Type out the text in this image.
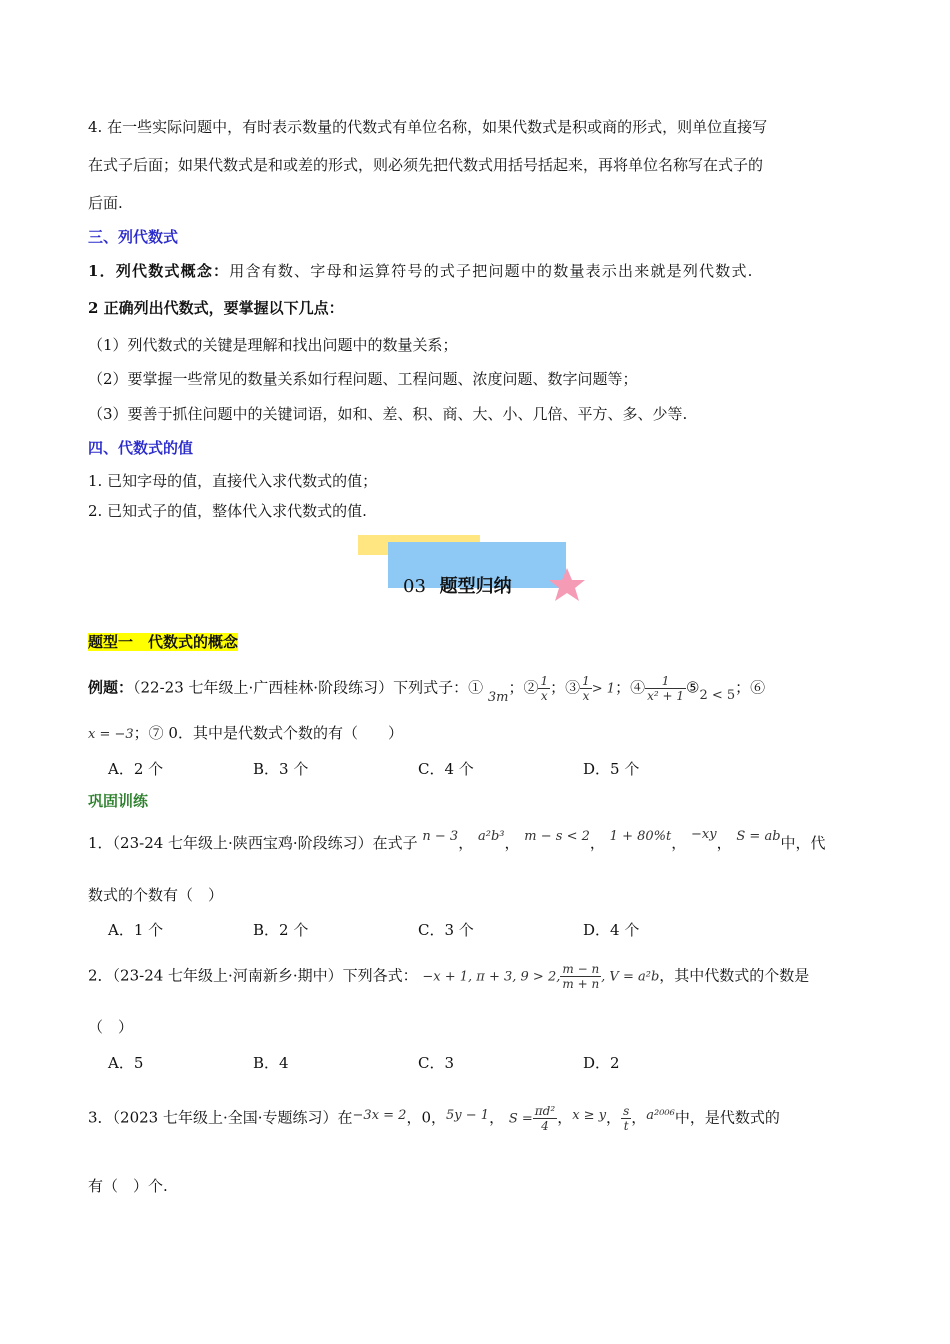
4. 在一些实际问题中，有时表示数量的代数式有单位名称，如果代数式是积或商的形式，则单位直接写
在式子后面；如果代数式是和或差的形式，则必须先把代数式用括号括起来，再将单位名称写在式子的
后面.
三、列代数式
1．列代数式概念：用含有数、字母和运算符号的式子把问题中的数量表示出来就是列代数式.
2 正确列出代数式，要掌握以下几点：
（1）列代数式的关键是理解和找出问题中的数量关系；
（2）要掌握一些常见的数量关系如行程问题、工程问题、浓度问题、数字问题等；
（3）要善于抓住问题中的关键词语，如和、差、积、商、大、小、几倍、平方、多、少等.
四、代数式的值
1. 已知字母的值，直接代入求代数式的值；
2. 已知式子的值，整体代入求代数式的值.
03 题型归纳
题型一　代数式的概念
例题：（22-23 七年级上·广西桂林·阶段练习）下列式子：① 3m；② $\frac{1}{x}$ ；③ $\frac{1}{x} > 1$；④ $\frac{1}{\text{x² + 1}}$ ⑤2 < 5；⑥
x = −3；⑦ 0．其中是代数式个数的有（　　）
A．2 个	B．3 个	C．4 个	D．5 个
巩固训练
1．（23-24 七年级上·陕西宝鸡·阶段练习）在式子 n − 3， a²b³， m − s < 2， 1 + 80%t， −xy， S = ab中，代
数式的个数有（　）
A．1 个	B．2 个	C．3 个	D．4 个
2．（23-24 七年级上·河南新乡·期中）下列各式： −x + 1, π + 3, 9 > 2, $\frac{m - n}{m + n}$ , V = a²b，其中代数式的个数是
（　）
A．5	B．4	C．3	D．2
3．（2023 七年级上·全国·专题练习）在−3x = 2，0，5y − 1， $S = \frac{\text{πd²}}{4}$ ，x ≥ y， $\frac{s}{t}$ ，a²⁰⁰⁶中，是代数式的
有（　）个.
